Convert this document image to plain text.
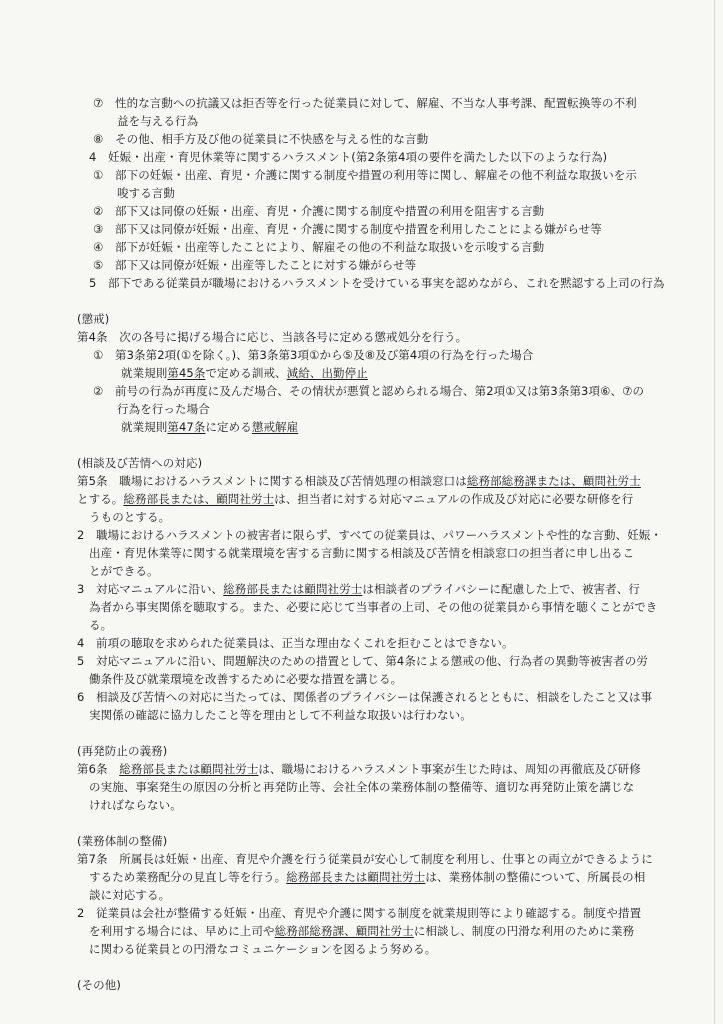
⑦　性的な言動への抗議又は拒否等を行った従業員に対して、解雇、不当な人事考課、配置転換等の不利
益を与える行為
⑧　その他、相手方及び他の従業員に不快感を与える性的な言動
4　妊娠・出産・育児休業等に関するハラスメント(第2条第4項の要件を満たした以下のような行為)
①　部下の妊娠・出産、育児・介護に関する制度や措置の利用等に関し、解雇その他不利益な取扱いを示
唆する言動
②　部下又は同僚の妊娠・出産、育児・介護に関する制度や措置の利用を阻害する言動
③　部下又は同僚が妊娠・出産、育児・介護に関する制度や措置を利用したことによる嫌がらせ等
④　部下が妊娠・出産等したことにより、解雇その他の不利益な取扱いを示唆する言動
⑤　部下又は同僚が妊娠・出産等したことに対する嫌がらせ等
5　部下である従業員が職場におけるハラスメントを受けている事実を認めながら、これを黙認する上司の行為
(懲戒)
第4条　次の各号に掲げる場合に応じ、当該各号に定める懲戒処分を行う。
①　第3条第2項(①を除く。)、第3条第3項①から⑤及⑧及び第4項の行為を行った場合
就業規則第45条で定める訓戒、減給、出勤停止
②　前号の行為が再度に及んだ場合、その情状が悪質と認められる場合、第2項①又は第3条第3項⑥、⑦の
行為を行った場合
就業規則第47条に定める懲戒解雇
(相談及び苦情への対応)
第5条　職場におけるハラスメントに関する相談及び苦情処理の相談窓口は総務部総務課または、顧問社労士
とする。総務部長または、顧問社労士は、担当者に対する対応マニュアルの作成及び対応に必要な研修を行
うものとする。
2　職場におけるハラスメントの被害者に限らず、すべての従業員は、パワーハラスメントや性的な言動、妊娠・
出産・育児休業等に関する就業環境を害する言動に関する相談及び苦情を相談窓口の担当者に申し出るこ
とができる。
3　対応マニュアルに沿い、総務部長または顧問社労士は相談者のプライバシーに配慮した上で、被害者、行
為者から事実関係を聴取する。また、必要に応じて当事者の上司、その他の従業員から事情を聴くことができ
る。
4　前項の聴取を求められた従業員は、正当な理由なくこれを拒むことはできない。
5　対応マニュアルに沿い、問題解決のための措置として、第4条による懲戒の他、行為者の異動等被害者の労
働条件及び就業環境を改善するために必要な措置を講じる。
6　相談及び苦情への対応に当たっては、関係者のプライバシーは保護されるとともに、相談をしたこと又は事
実関係の確認に協力したこと等を理由として不利益な取扱いは行わない。
(再発防止の義務)
第6条　総務部長または顧問社労士は、職場におけるハラスメント事案が生じた時は、周知の再徹底及び研修
の実施、事案発生の原因の分析と再発防止等、会社全体の業務体制の整備等、適切な再発防止策を講じな
ければならない。
(業務体制の整備)
第7条　所属長は妊娠・出産、育児や介護を行う従業員が安心して制度を利用し、仕事との両立ができるように
するため業務配分の見直し等を行う。総務部長または顧問社労士は、業務体制の整備について、所属長の相
談に対応する。
2　従業員は会社が整備する妊娠・出産、育児や介護に関する制度を就業規則等により確認する。制度や措置
を利用する場合には、早めに上司や総務部総務課、顧問社労士に相談し、制度の円滑な利用のために業務
に関わる従業員との円滑なコミュニケーションを図るよう努める。
(その他)
